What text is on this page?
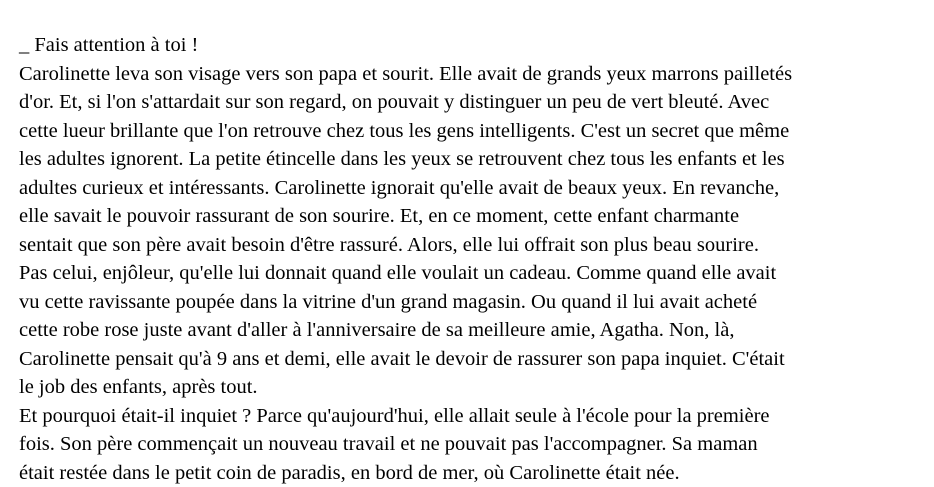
_ Fais attention à toi !
Carolinette leva son visage vers son papa et sourit. Elle avait de grands yeux marrons pailletés
d'or. Et, si l'on s'attardait sur son regard, on pouvait y distinguer un peu de vert bleuté. Avec
cette lueur brillante que l'on retrouve chez tous les gens intelligents. C'est un secret que même
les adultes ignorent. La petite étincelle dans les yeux se retrouvent chez tous les enfants et les
adultes curieux et intéressants. Carolinette ignorait qu'elle avait de beaux yeux. En revanche,
elle savait le pouvoir rassurant de son sourire. Et, en ce moment, cette enfant charmante
sentait que son père avait besoin d'être rassuré. Alors, elle lui offrait son plus beau sourire.
Pas celui, enjôleur, qu'elle lui donnait quand elle voulait un cadeau. Comme quand elle avait
vu cette ravissante poupée dans la vitrine d'un grand magasin. Ou quand il lui avait acheté
cette robe rose juste avant d'aller à l'anniversaire de sa meilleure amie, Agatha. Non, là,
Carolinette pensait qu'à 9 ans et demi, elle avait le devoir de rassurer son papa inquiet. C'était
le job des enfants, après tout.
Et pourquoi était-il inquiet ? Parce qu'aujourd'hui, elle allait seule à l'école pour la première
fois. Son père commençait un nouveau travail et ne pouvait pas l'accompagner. Sa maman
était restée dans le petit coin de paradis, en bord de mer, où Carolinette était née.
